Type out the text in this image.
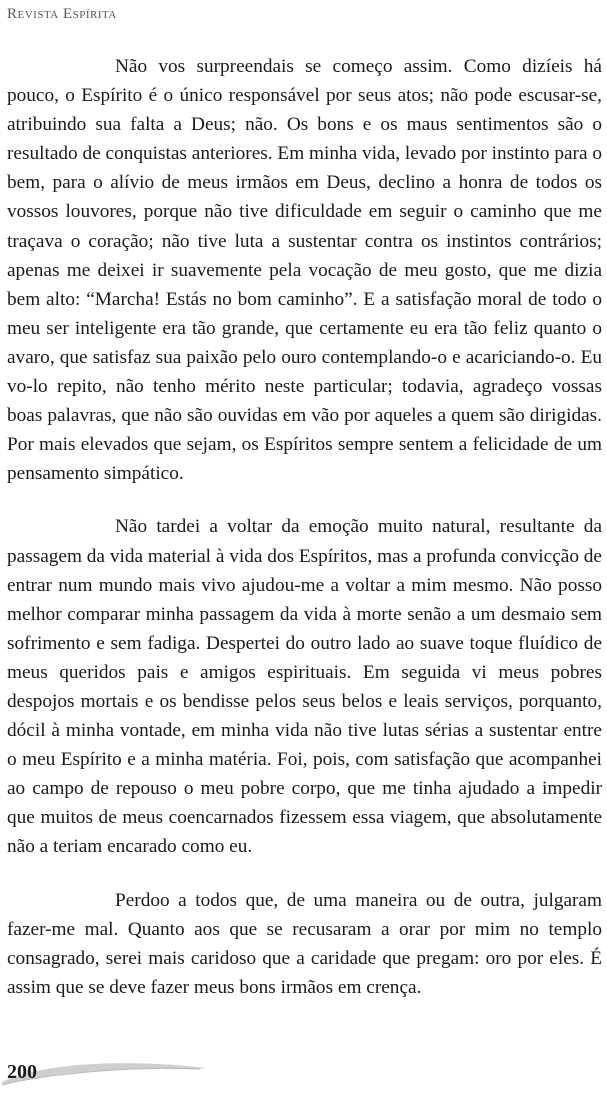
Revista Espírita

Não vos surpreendais se começo assim. Como dizíeis há pouco, o Espírito é o único responsável por seus atos; não pode escusar-se, atribuindo sua falta a Deus; não. Os bons e os maus sentimentos são o resultado de conquistas anteriores. Em minha vida, levado por instinto para o bem, para o alívio de meus irmãos em Deus, declino a honra de todos os vossos louvores, porque não tive dificuldade em seguir o caminho que me traçava o coração; não tive luta a sustentar contra os instintos contrários; apenas me deixei ir suavemente pela vocação de meu gosto, que me dizia bem alto: “Marcha! Estás no bom caminho”. E a satisfação moral de todo o meu ser inteligente era tão grande, que certamente eu era tão feliz quanto o avaro, que satisfaz sua paixão pelo ouro contemplando-o e acariciando-o. Eu vo-lo repito, não tenho mérito neste particular; todavia, agradeço vossas boas palavras, que não são ouvidas em vão por aqueles a quem são dirigidas. Por mais elevados que sejam, os Espíritos sempre sentem a felicidade de um pensamento simpático.

Não tardei a voltar da emoção muito natural, resultante da passagem da vida material à vida dos Espíritos, mas a profunda convicção de entrar num mundo mais vivo ajudou-me a voltar a mim mesmo. Não posso melhor comparar minha passagem da vida à morte senão a um desmaio sem sofrimento e sem fadiga. Despertei do outro lado ao suave toque fluídico de meus queridos pais e amigos espirituais. Em seguida vi meus pobres despojos mortais e os bendisse pelos seus belos e leais serviços, porquanto, dócil à minha vontade, em minha vida não tive lutas sérias a sustentar entre o meu Espírito e a minha matéria. Foi, pois, com satisfação que acompanhei ao campo de repouso o meu pobre corpo, que me tinha ajudado a impedir que muitos de meus coencarnados fizessem essa viagem, que absolutamente não a teriam encarado como eu.

Perdoo a todos que, de uma maneira ou de outra, julgaram fazer-me mal. Quanto aos que se recusaram a orar por mim no templo consagrado, serei mais caridoso que a caridade que pregam: oro por eles. É assim que se deve fazer meus bons irmãos em crença.

200
